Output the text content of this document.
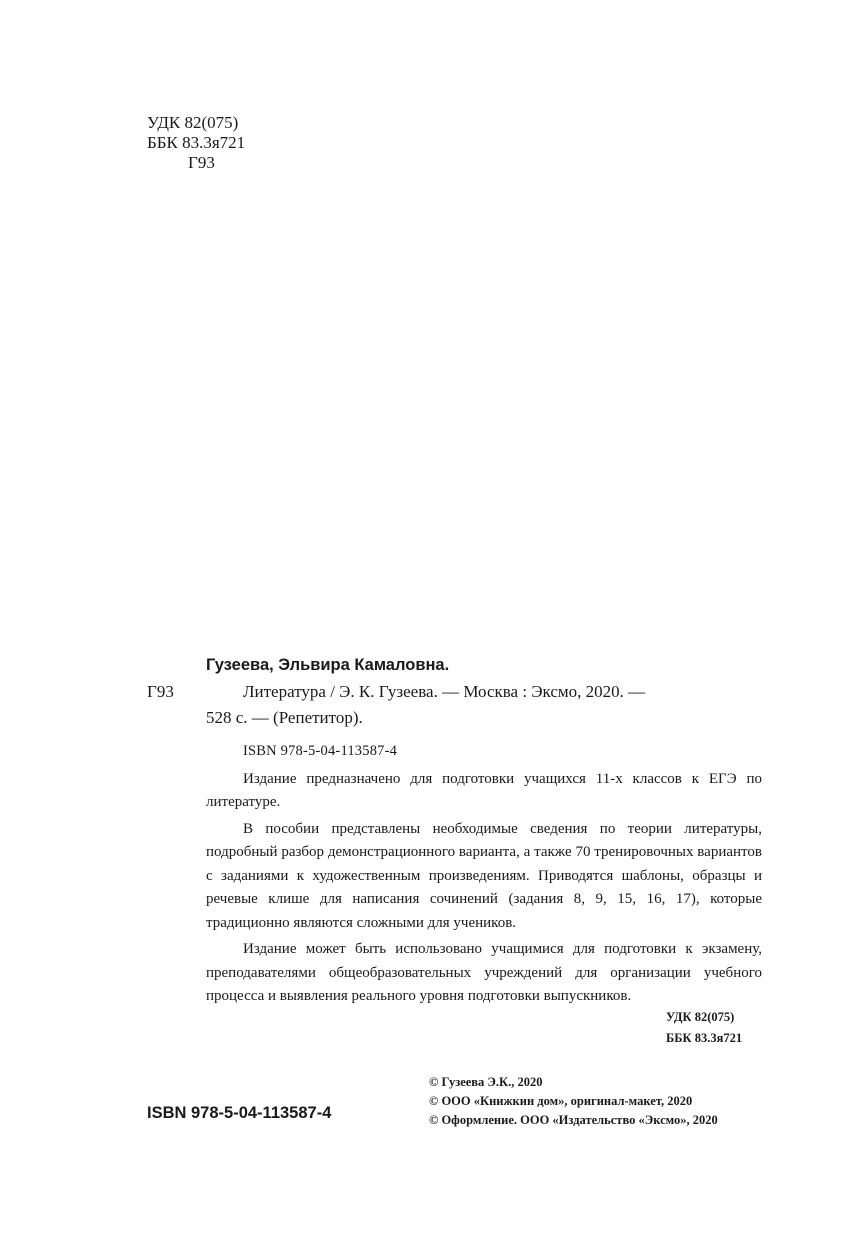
УДК 82(075)
ББК 83.3я721
Г93
Г93
Гузеева, Эльвира Камаловна.
Литература / Э. К. Гузеева. — Москва : Эксмо, 2020. —
528 с. — (Репетитор).
ISBN 978-5-04-113587-4

Издание предназначено для подготовки учащихся 11-х классов к ЕГЭ по литературе.

В пособии представлены необходимые сведения по теории литературы, подробный разбор демонстрационного варианта, а также 70 тренировочных вариантов с заданиями к художественным произведениям. Приводятся шаблоны, образцы и речевые клише для написания сочинений (задания 8, 9, 15, 16, 17), которые традиционно являются сложными для учеников.

Издание может быть использовано учащимися для подготовки к экзамену, преподавателями общеобразовательных учреждений для организации учебного процесса и выявления реального уровня подготовки выпускников.

УДК 82(075)
ББК 83.3я721
© Гузеева Э.К., 2020
© ООО «Книжкин дом», оригинал-макет, 2020
© Оформление. ООО «Издательство «Эксмо», 2020
ISBN 978-5-04-113587-4
